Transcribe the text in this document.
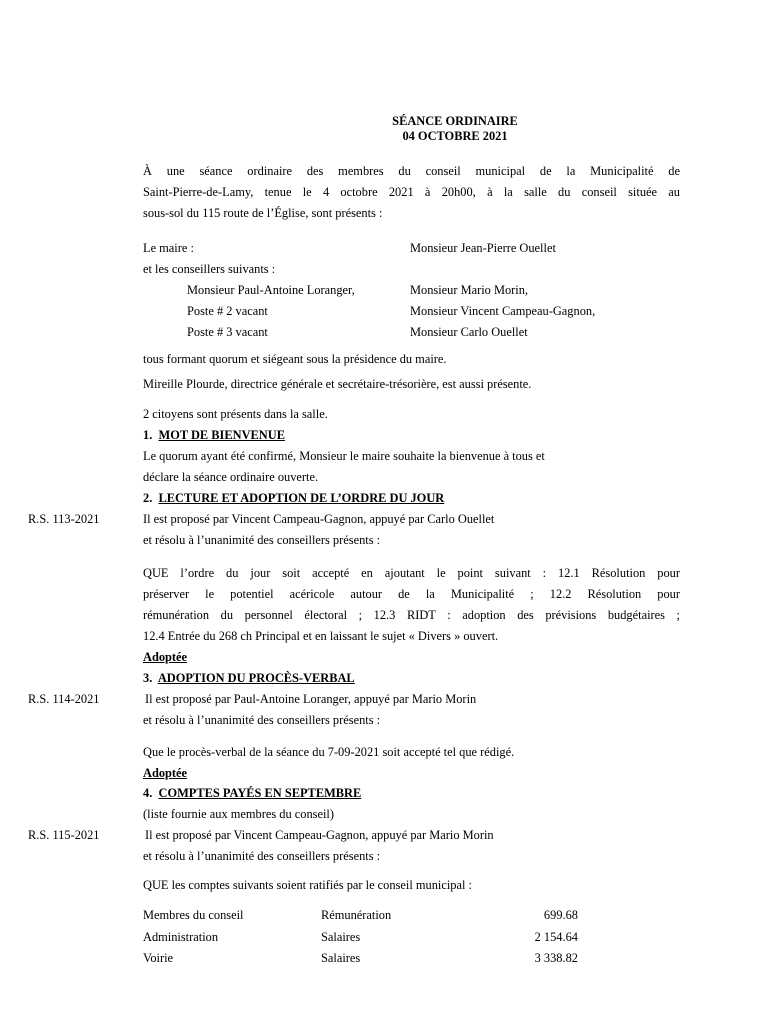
SÉANCE ORDINAIRE
04 OCTOBRE 2021
À une séance ordinaire des membres du conseil municipal de la Municipalité de
Saint-Pierre-de-Lamy, tenue le 4 octobre 2021 à 20h00, à la salle du conseil située au
sous-sol du 115 route de l’Église, sont présents :
Le maire :	Monsieur Jean-Pierre Ouellet
et les conseillers suivants :
Monsieur Paul-Antoine Loranger,	Monsieur Mario Morin,
Poste # 2 vacant	Monsieur Vincent Campeau-Gagnon,
Poste # 3 vacant	Monsieur Carlo Ouellet
tous formant quorum et siégeant sous la présidence du maire.
Mireille Plourde, directrice générale et secrétaire-trésorière, est aussi présente.
2 citoyens sont présents dans la salle.
1. MOT DE BIENVENUE
Le quorum ayant été confirmé, Monsieur le maire souhaite la bienvenue à tous et
déclare la séance ordinaire ouverte.
2. LECTURE ET ADOPTION DE L’ORDRE DU JOUR
R.S. 113-2021	Il est proposé par Vincent Campeau-Gagnon, appuyé par Carlo Ouellet
et résolu à l’unanimité des conseillers présents :
QUE l’ordre du jour soit accepté en ajoutant le point suivant : 12.1 Résolution pour
préserver le potentiel acéricole autour de la Municipalité ; 12.2 Résolution pour
rémunération du personnel électoral ; 12.3 RIDT : adoption des prévisions budgétaires ;
12.4 Entrée du 268 ch Principal et en laissant le sujet « Divers » ouvert.
Adoptée
3. ADOPTION DU PROCÈS-VERBAL
R.S. 114-2021	Il est proposé par Paul-Antoine Loranger, appuyé par Mario Morin
et résolu à l’unanimité des conseillers présents :
Que le procès-verbal de la séance du 7-09-2021 soit accepté tel que rédigé.
Adoptée
4. COMPTES PAYÉS EN SEPTEMBRE
(liste fournie aux membres du conseil)
R.S. 115-2021	Il est proposé par Vincent Campeau-Gagnon, appuyé par Mario Morin
et résolu à l’unanimité des conseillers présents :
QUE les comptes suivants soient ratifiés par le conseil municipal :
Membres du conseil	Rémunération	699.68
Administration	Salaires	2 154.64
Voirie	Salaires	3 338.82
